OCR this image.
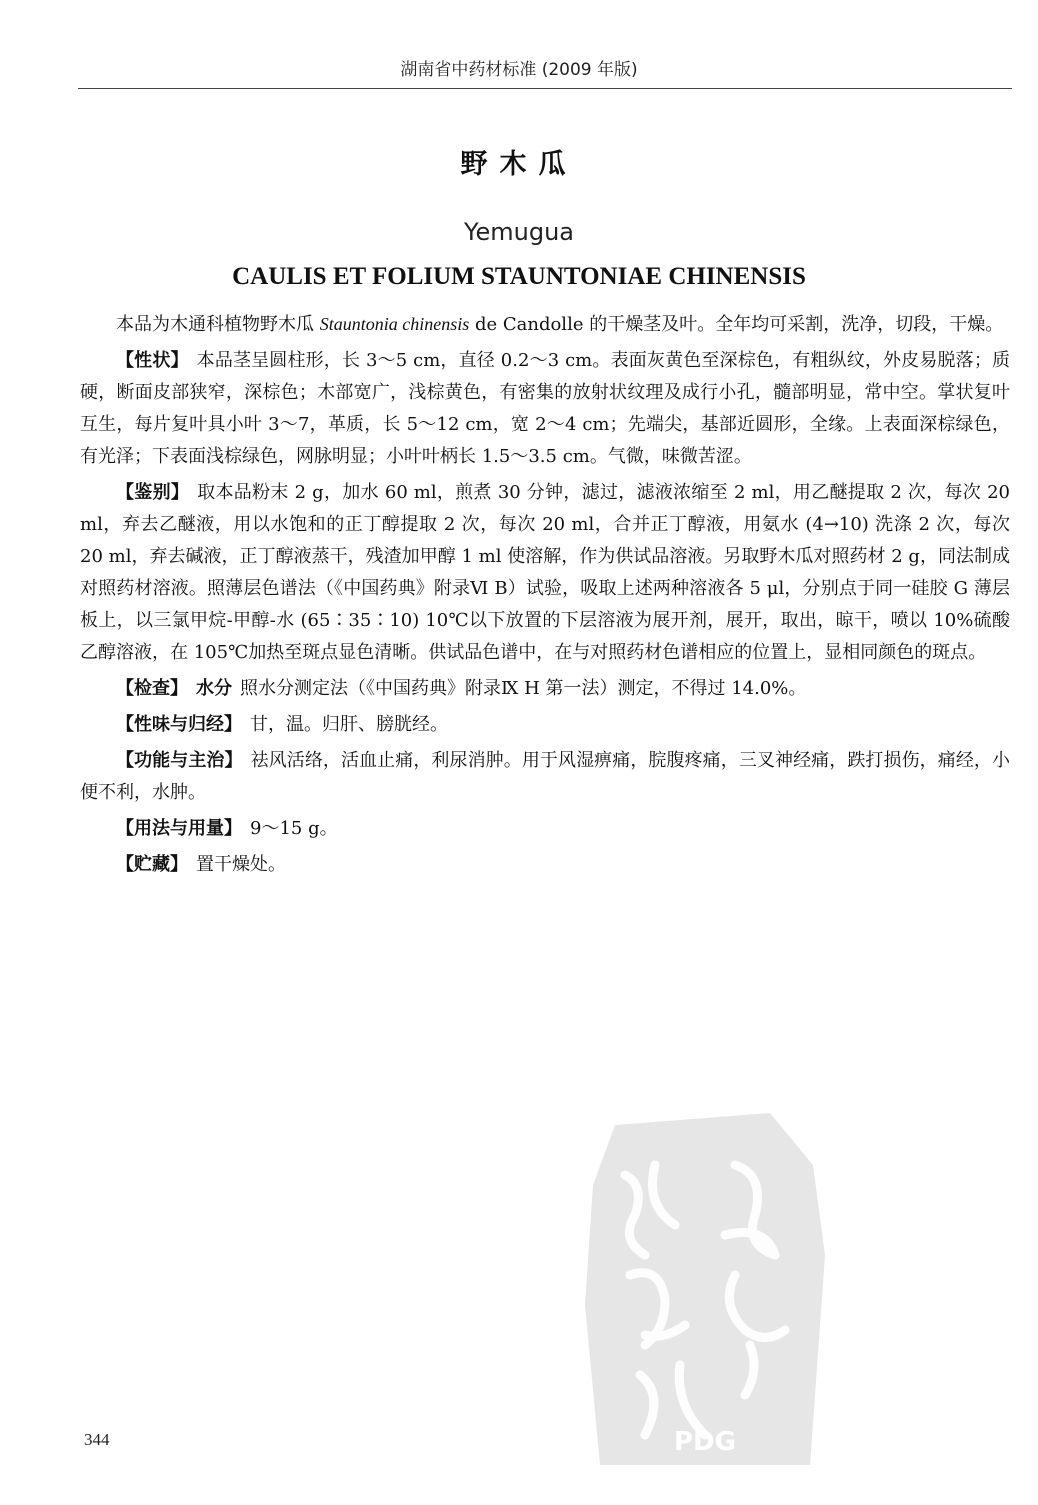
湖南省中药材标准 (2009 年版)
野木瓜
Yemugua
CAULIS ET FOLIUM STAUNTONIAE CHINENSIS

本品为木通科植物野木瓜 Stauntonia chinensis de Candolle 的干燥茎及叶。全年均可采割，洗净，切段，干燥。

【性状】 本品茎呈圆柱形，长 3～5 cm，直径 0.2～3 cm。表面灰黄色至深棕色，有粗纵纹，外皮易脱落；质硬，断面皮部狭窄，深棕色；木部宽广，浅棕黄色，有密集的放射状纹理及成行小孔，髓部明显，常中空。掌状复叶互生，每片复叶具小叶 3～7，革质，长 5～12 cm，宽 2～4 cm；先端尖，基部近圆形，全缘。上表面深棕绿色，有光泽；下表面浅棕绿色，网脉明显；小叶叶柄长 1.5～3.5 cm。气微，味微苦涩。

【鉴别】 取本品粉末 2 g，加水 60 ml，煎煮 30 分钟，滤过，滤液浓缩至 2 ml，用乙醚提取 2 次，每次 20 ml，弃去乙醚液，用以水饱和的正丁醇提取 2 次，每次 20 ml，合并正丁醇液，用氨水 (4→10) 洗涤 2 次，每次 20 ml，弃去碱液，正丁醇液蒸干，残渣加甲醇 1 ml 使溶解，作为供试品溶液。另取野木瓜对照药材 2 g，同法制成对照药材溶液。照薄层色谱法（《中国药典》附录Ⅵ B）试验，吸取上述两种溶液各 5 μl，分别点于同一硅胶 G 薄层板上，以三氯甲烷-甲醇-水 (65∶35∶10) 10℃以下放置的下层溶液为展开剂，展开，取出，晾干，喷以 10%硫酸乙醇溶液，在 105℃加热至斑点显色清晰。供试品色谱中，在与对照药材色谱相应的位置上，显相同颜色的斑点。

【检查】 水分 照水分测定法（《中国药典》附录Ⅸ H 第一法）测定，不得过 14.0%。

【性味与归经】 甘，温。归肝、膀胱经。

【功能与主治】 祛风活络，活血止痛，利尿消肿。用于风湿痹痛，脘腹疼痛，三叉神经痛，跌打损伤，痛经，小便不利，水肿。

【用法与用量】 9～15 g。

【贮藏】 置干燥处。

344	PDG
